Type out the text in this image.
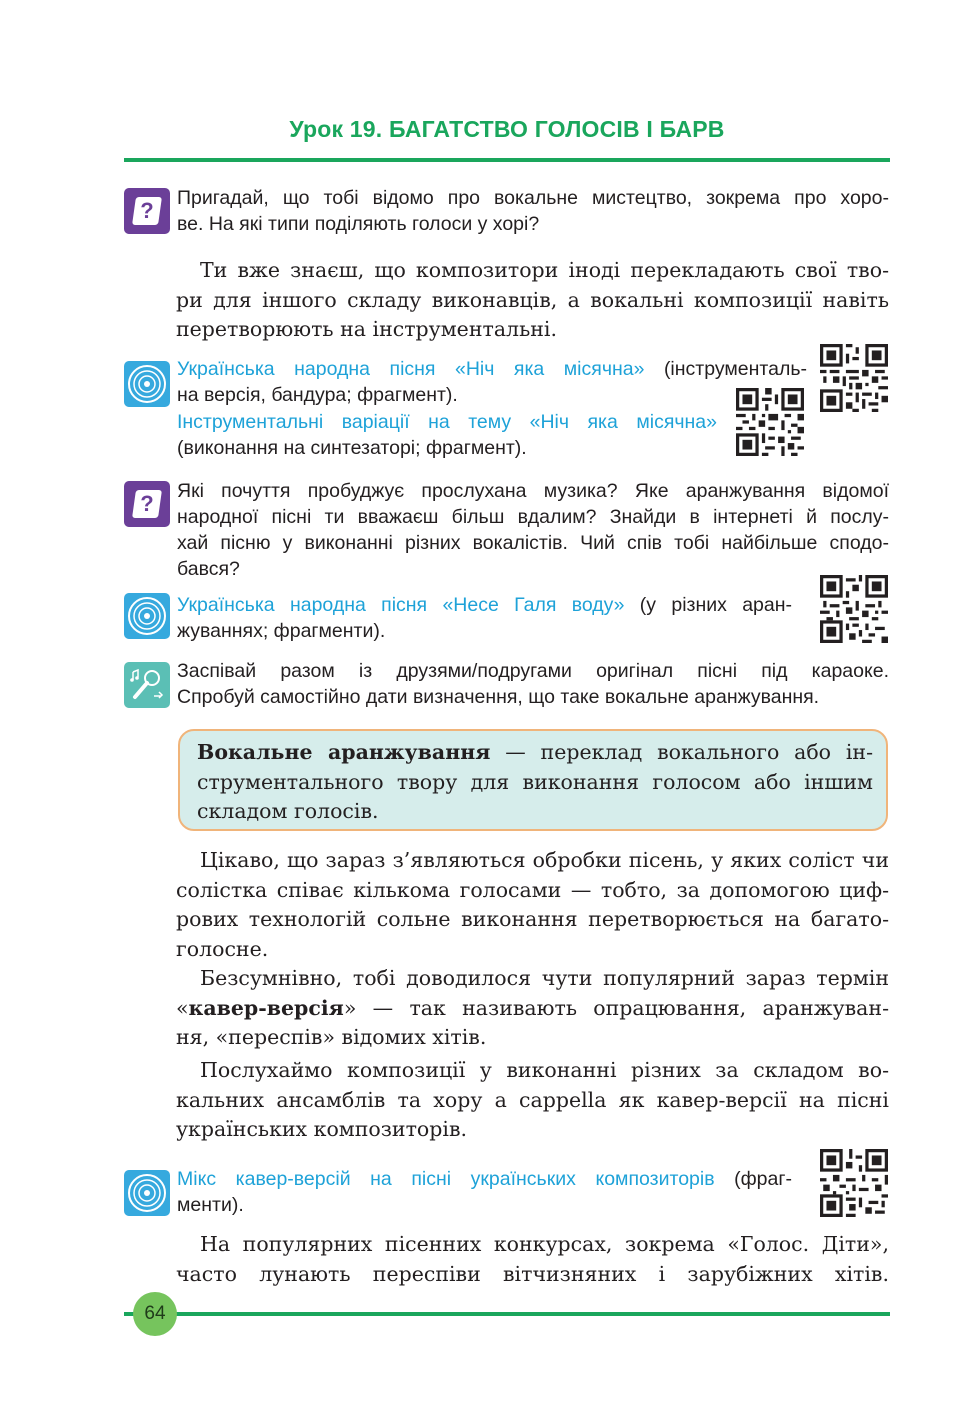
Урок 19. БАГАТСТВО ГОЛОСІВ І БАРВ
?	Пригадай, що тобі відомо про вокальне мистецтво, зокрема про хоро-
ве. На які типи поділяють голоси у хорі?
Ти вже знаєш, що композитори іноді перекладають свої тво-
ри для іншого складу виконавців, а вокальні композиції навіть
перетворюють на інструментальні.
Українська народна пісня «Ніч яка місячна» (інструменталь-
на версія, бандура; фрагмент).
Інструментальні варіації на тему «Ніч яка місячна»
(виконання на синтезаторі; фрагмент).
?	Які почуття пробуджує прослухана музика? Яке аранжування відомої
народної пісні ти вважаєш більш вдалим? Знайди в інтернеті й послу-
хай пісню у виконанні різних вокалістів. Чий спів тобі найбільше сподо-
бався?
Українська народна пісня «Несе Галя воду» (у різних аран-
жуваннях; фрагменти).
Заспівай разом із друзями/подругами оригінал пісні під караоке.
Спробуй самостійно дати визначення, що таке вокальне аранжування.
Вокальне аранжування — переклад вокального або ін-
струментального твору для виконання голосом або іншим
складом голосів.
Цікаво, що зараз з’являються обробки пісень, у яких соліст чи
солістка співає кількома голосами — тобто, за допомогою циф-
рових технологій сольне виконання перетворюється на багато-
голосне.
Безсумнівно, тобі доводилося чути популярний зараз термін
«кавер-версія» — так називають опрацювання, аранжуван-
ня, «переспів» відомих хітів.
Послухаймо композиції у виконанні різних за складом во-
кальних ансамблів та хору a cappella як кавер-версії на пісні
українських композиторів.
Мікс кавер-версій на пісні українських композиторів (фраг-
менти).
На популярних пісенних конкурсах, зокрема «Голос. Діти»,
часто лунають переспіви вітчизняних і зарубіжних хітів.
64
